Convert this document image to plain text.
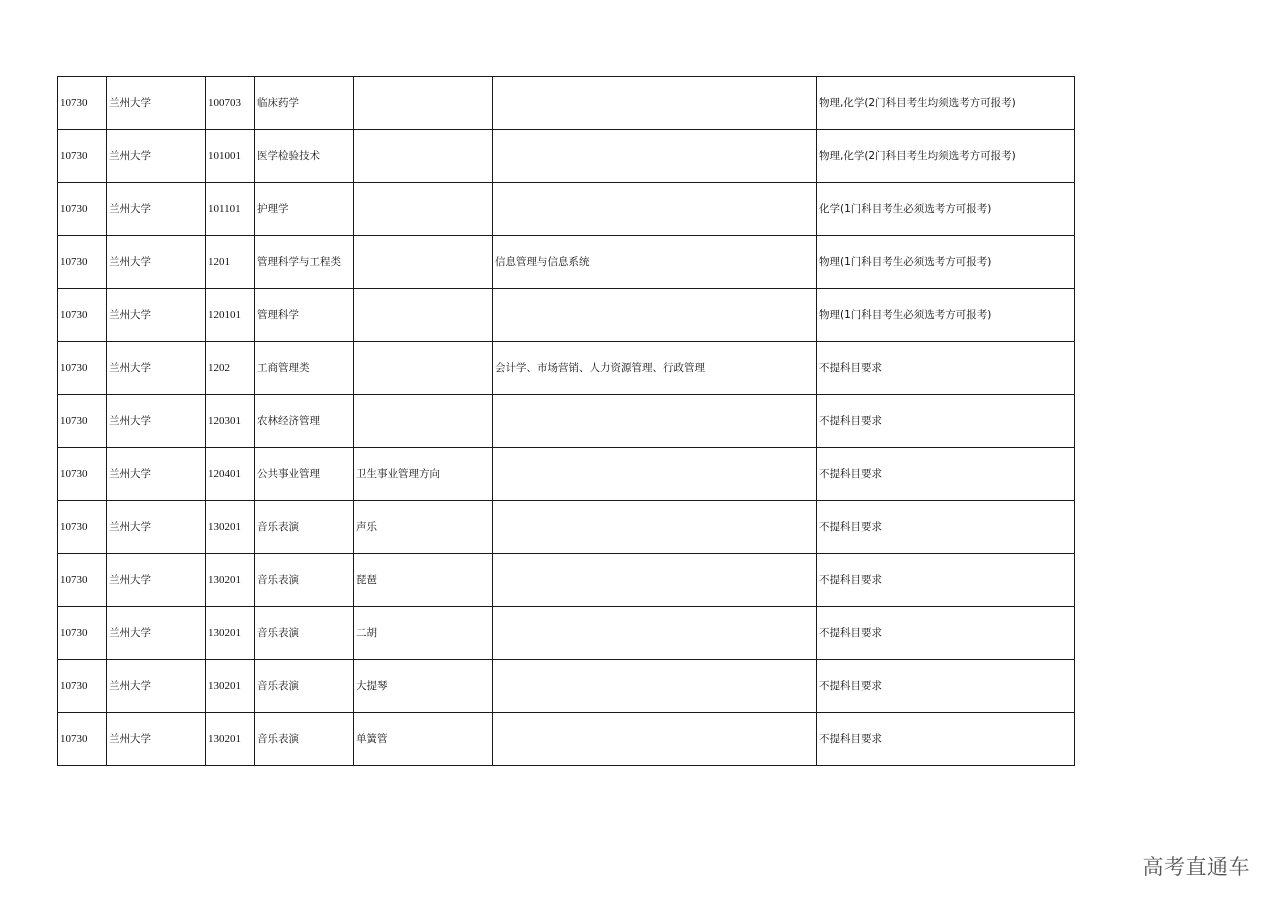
10730	兰州大学	100703	临床药学			物理,化学(2门科目考生均须选考方可报考)
10730	兰州大学	101001	医学检验技术			物理,化学(2门科目考生均须选考方可报考)
10730	兰州大学	101101	护理学			化学(1门科目考生必须选考方可报考)
10730	兰州大学	1201	管理科学与工程类		信息管理与信息系统	物理(1门科目考生必须选考方可报考)
10730	兰州大学	120101	管理科学			物理(1门科目考生必须选考方可报考)
10730	兰州大学	1202	工商管理类		会计学、市场营销、人力资源管理、行政管理	不提科目要求
10730	兰州大学	120301	农林经济管理			不提科目要求
10730	兰州大学	120401	公共事业管理	卫生事业管理方向		不提科目要求
10730	兰州大学	130201	音乐表演	声乐		不提科目要求
10730	兰州大学	130201	音乐表演	琵琶		不提科目要求
10730	兰州大学	130201	音乐表演	二胡		不提科目要求
10730	兰州大学	130201	音乐表演	大提琴		不提科目要求
10730	兰州大学	130201	音乐表演	单簧管		不提科目要求
高考直通车
